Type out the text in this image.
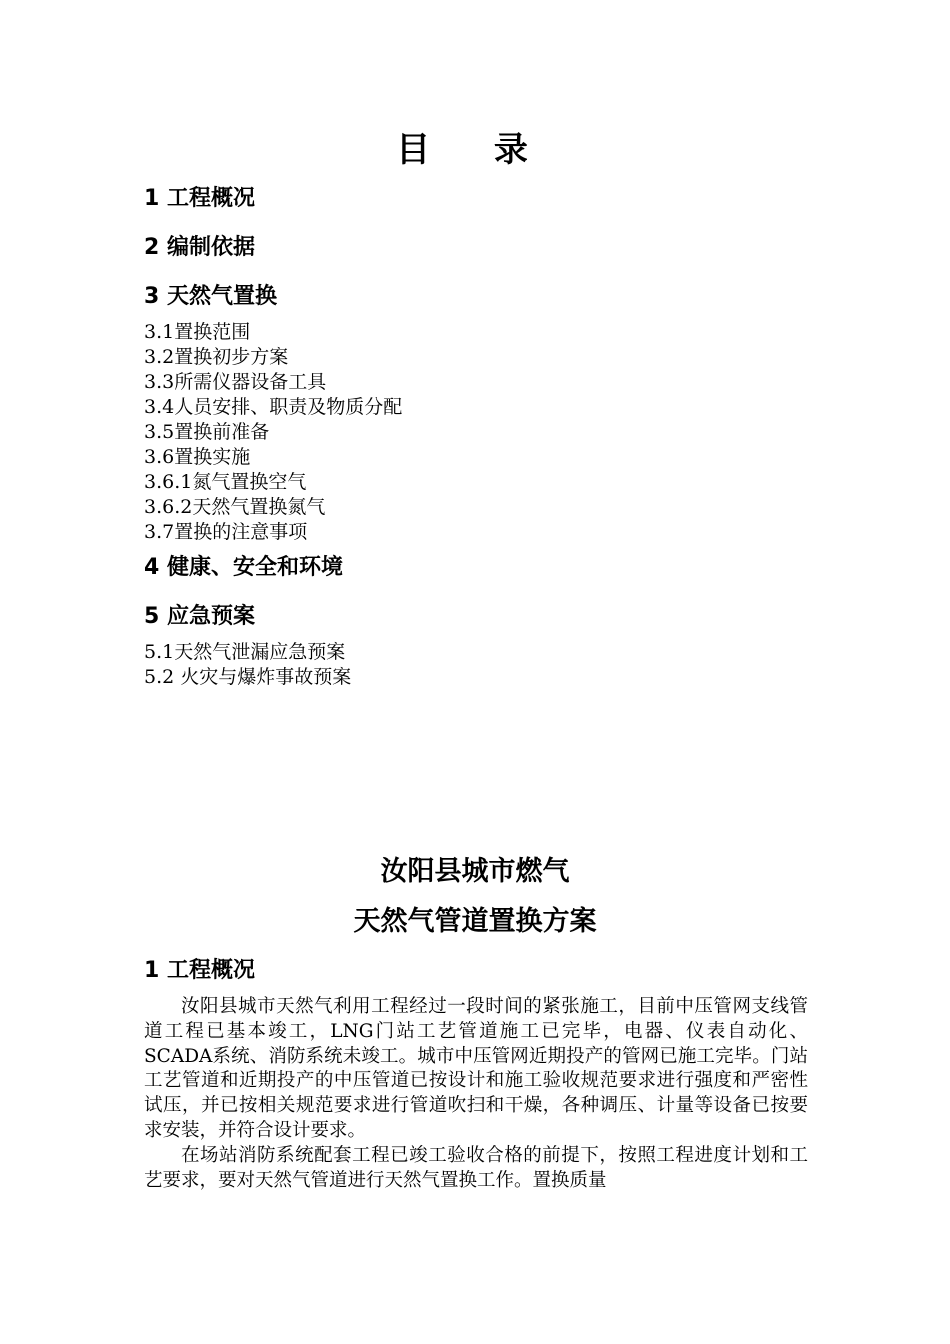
目 录
1 工程概况
2 编制依据
3 天然气置换
3.1置换范围
3.2置换初步方案
3.3所需仪器设备工具
3.4人员安排、职责及物质分配
3.5置换前准备
3.6置换实施
3.6.1氮气置换空气
3.6.2天然气置换氮气
3.7置换的注意事项
4 健康、安全和环境
5 应急预案
5.1天然气泄漏应急预案
5.2 火灾与爆炸事故预案
汝阳县城市燃气
天然气管道置换方案
1 工程概况

汝阳县城市天然气利用工程经过一段时间的紧张施工，目前中压管网支线管道工程已基本竣工，LNG门站工艺管道施工已完毕，电器、仪表自动化、SCADA系统、消防系统未竣工。城市中压管网近期投产的管网已施工完毕。门站工艺管道和近期投产的中压管道已按设计和施工验收规范要求进行强度和严密性试压，并已按相关规范要求进行管道吹扫和干燥，各种调压、计量等设备已按要求安装，并符合设计要求。

在场站消防系统配套工程已竣工验收合格的前提下，按照工程进度计划和工艺要求，要对天然气管道进行天然气置换工作。置换质量
